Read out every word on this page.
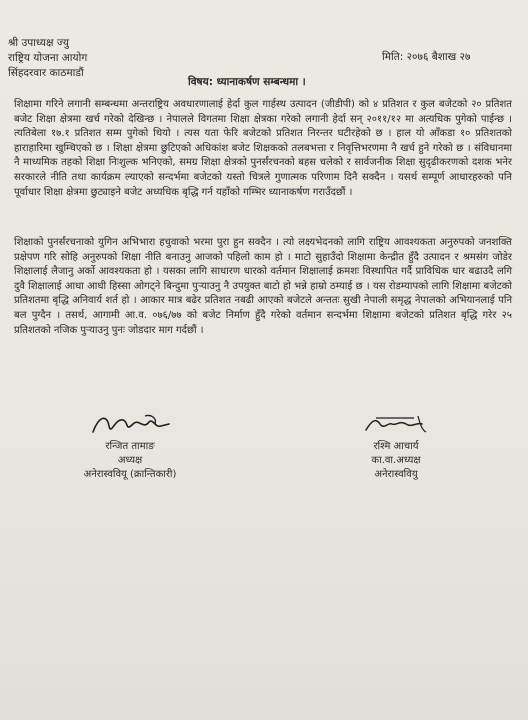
श्री उपाध्यक्ष ज्यु
राष्ट्रिय योजना आयोग
सिंहदरवार काठमाडौं
मिति: २०७६ बैशाख २७
विषय: ध्यानाकर्षण सम्बन्धमा ।
शिक्षामा गरिने लगानी सम्बन्धमा अन्तराष्ट्रिय अवधारणालाई हेर्दा कुल गार्हस्थ उत्पादन (जीडीपी) को ४ प्रतिशत र कुल बजेटको २० प्रतिशत बजेट शिक्षा क्षेत्रमा खर्च गरेको देखिन्छ । नेपालले विगतमा शिक्षा क्षेत्रका गरेको लगानी हेर्दा सन् २०११/१२ मा अत्यधिक पुगेको पाईन्छ । त्यतिबेला १७.१ प्रतिशत सम्म पुगेको थियो । त्यस यता फेरि बजेटको प्रतिशत निरन्तर घटीरहेको छ । हाल यो आँकडा १० प्रतिशतको हाराहारिमा खुम्चिएको छ । शिक्षा क्षेत्रमा छुटिएको अधिकांश बजेट शिक्षकको तलबभत्ता र निवृत्तिभरणमा नै खर्च हुने गरेको छ । संविधानमा नै माध्यमिक तहको शिक्षा निःशुल्क भनिएको, समग्र शिक्षा क्षेत्रको पुनर्संरचनको बहस चलेको र सार्वजनीक शिक्षा सुदृढीकरणको दशक भनेर सरकारले नीति तथा कार्यक्रम ल्याएको सन्दर्भमा बजेटको यस्तो चित्रले गुणात्मक परिणाम दिनै सक्दैन । यसर्थ सम्पूर्ण आधारहरुको पनि पूर्वाधार शिक्षा क्षेत्रमा छुट्याइने बजेट अध्यधिक बृद्धि गर्न यहाँको गम्भिर ध्यानाकर्षण गराउँदछौं ।
शिक्षाको पुनर्संरचनाको युगिन अभिभारा हचुवाको भरमा पुरा हुन सक्दैन । त्यो लक्ष्यभेदनको लागि राष्ट्रिय आवश्यकता अनुरुपको जनशक्ति प्रक्षेपण गरि सोहि अनुरुपको शिक्षा नीति बनाउनु आजको पहिलो काम हो । माटो सुहाउँदो शिक्षामा केन्द्रीत हुँदै उत्पादन र श्रमसंग जोडेर शिक्षालाई लैजानु अर्को आवश्यकता हो । यसका लागि साधारण धारको वर्तमान शिक्षालाई क्रमशः विस्थापित गर्दै प्राविधिक धार बढाउदै लगि दुवै शिक्षालाई आधा आधी हिस्सा ओगट्ने बिन्दुमा पुऱ्याउनु नै उपयुक्त बाटो हो भन्ने हाम्रो ठम्याई छ । यस रोडम्यापको लागि शिक्षामा बजेटको प्रतिशतमा बृद्धि अनिवार्य शर्त हो । आकार मात्र बढेर प्रतिशत नबढी आएको बजेटले अन्ततः सुखी नेपाली समृद्ध नेपालको अभियानलाई पनि बल पुग्दैन । तसर्थ, आगामी आ.व. ०७६/७७ को बजेट निर्माण हुँदै गरेको वर्तमान सन्दर्भमा शिक्षामा बजेटको प्रतिशत बृद्धि गरेर २५ प्रतिशतको नजिक पुऱ्याउनु पुनः जोडदार माग गर्दछौं ।
रन्जित तामाङ
अध्यक्ष
अनेरास्ववियू (क्रान्तिकारी)
रश्मि आचार्य
का.वा.अध्यक्ष
अनेरास्ववियु
